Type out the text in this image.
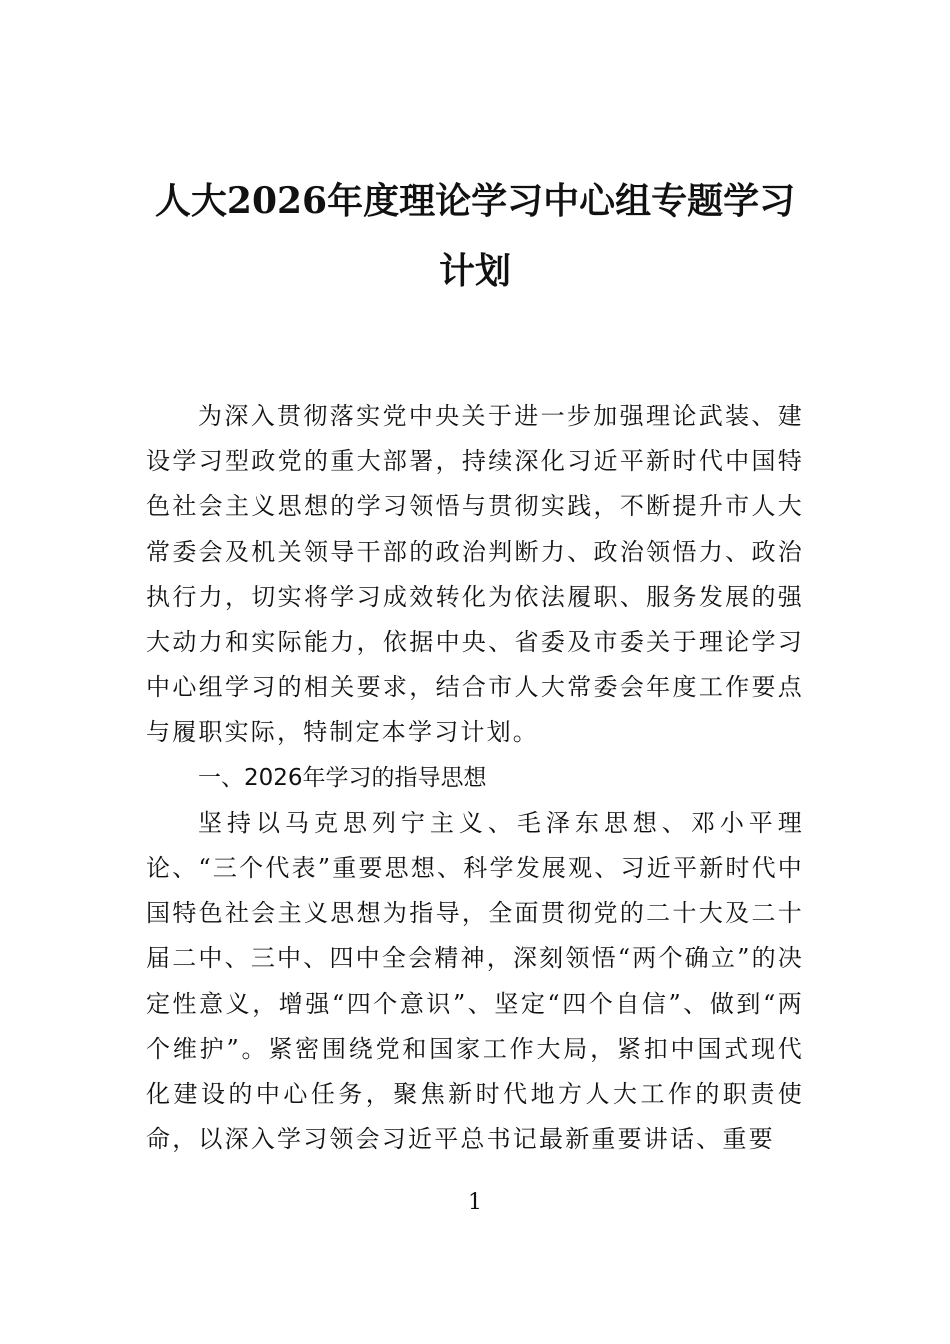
人大2026年度理论学习中心组专题学习计划

为深入贯彻落实党中央关于进一步加强理论武装、建设学习型政党的重大部署，持续深化习近平新时代中国特色社会主义思想的学习领悟与贯彻实践，不断提升市人大常委会及机关领导干部的政治判断力、政治领悟力、政治执行力，切实将学习成效转化为依法履职、服务发展的强大动力和实际能力，依据中央、省委及市委关于理论学习中心组学习的相关要求，结合市人大常委会年度工作要点与履职实际，特制定本学习计划。

一、2026年学习的指导思想

坚持以马克思列宁主义、毛泽东思想、邓小平理论、“三个代表”重要思想、科学发展观、习近平新时代中国特色社会主义思想为指导，全面贯彻党的二十大及二十届二中、三中、四中全会精神，深刻领悟“两个确立”的决定性意义，增强“四个意识”、坚定“四个自信”、做到“两个维护”。紧密围绕党和国家工作大局，紧扣中国式现代化建设的中心任务，聚焦新时代地方人大工作的职责使命，以深入学习领会习近平总书记最新重要讲话、重要

1
